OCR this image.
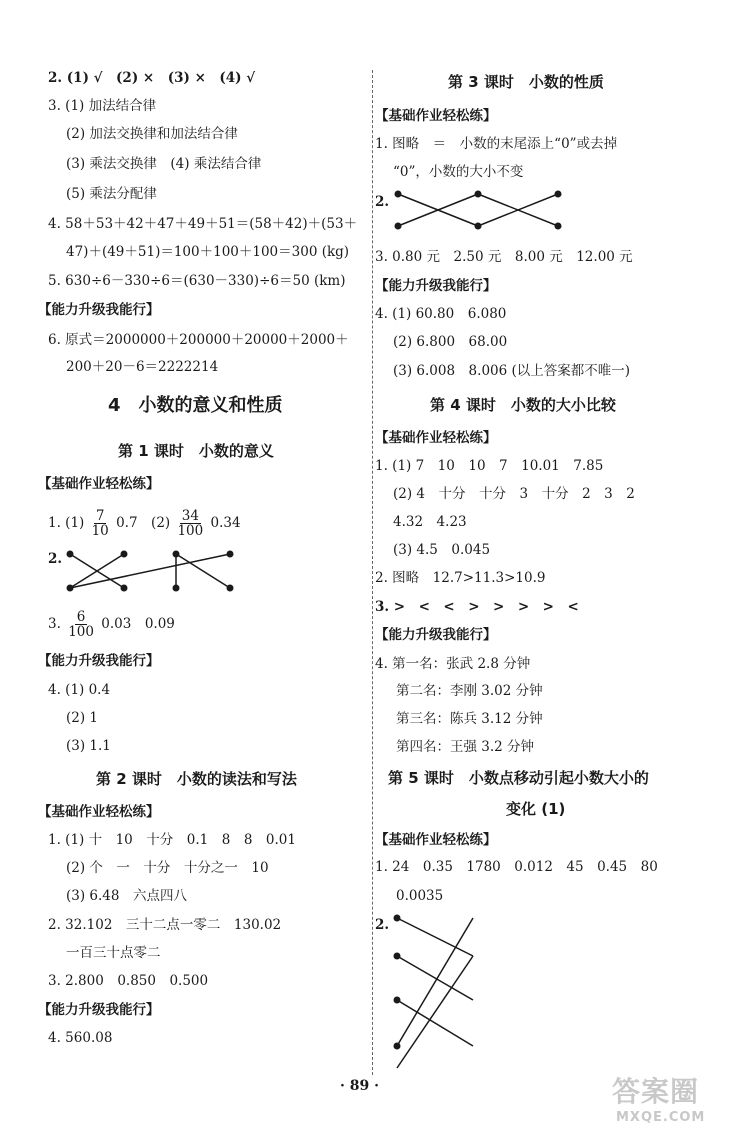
2. (1) √　(2) ×　(3) ×　(4) √
3. (1) 加法结合律
(2) 加法交换律和加法结合律
(3) 乘法交换律　(4) 乘法结合律
(5) 乘法分配律
4. 58＋53＋42＋47＋49＋51＝(58＋42)＋(53＋
47)＋(49＋51)＝100＋100＋100＝300 (kg)
5. 630÷6－330÷6＝(630－330)÷6＝50 (km)
【能力升级我能行】
6. 原式＝2000000＋200000＋20000＋2000＋
200＋20－6＝2222214
4　小数的意义和性质
第 1 课时　小数的意义
【基础作业轻松练】
1. $(1) \frac{7}{10} 0.7$　$(2) \frac{34}{100} 0.34$
2.
3. $\frac{6}{100} 0.03$　0.09
【能力升级我能行】
4. (1) 0.4
(2) 1
(3) 1.1
第 2 课时　小数的读法和写法
【基础作业轻松练】
1. (1) 十　10　十分　0.1　8　8　0.01
(2) 个　一　十分　十分之一　10
(3) 6.48　六点四八
2. 32.102　三十二点一零二　130.02
一百三十点零二
3. 2.800　0.850　0.500
【能力升级我能行】
4. 560.08
第 3 课时　小数的性质
【基础作业轻松练】
1. 图略　＝　小数的末尾添上“0”或去掉
“0”，小数的大小不变
2.
3. 0.80 元　2.50 元　8.00 元　12.00 元
【能力升级我能行】
4. (1) 60.80　6.080
(2) 6.800　68.00
(3) 6.008　8.006 (以上答案都不唯一)
第 4 课时　小数的大小比较
【基础作业轻松练】
1. (1) 7　10　10　7　10.01　7.85
(2) 4　十分　十分　3　十分　2　3　2
4.32　4.23
(3) 4.5　0.045
2. 图略　12.7>11.3>10.9
3. >　<　<　>　>　>　>　<
【能力升级我能行】
4. 第一名：张武 2.8 分钟
第二名：李刚 3.02 分钟
第三名：陈兵 3.12 分钟
第四名：王强 3.2 分钟
第 5 课时　小数点移动引起小数大小的
变化 (1)
【基础作业轻松练】
1. 24　0.35　1780　0.012　45　0.45　80
0.0035
2.
· 89 ·	答案圈
MXQE.COM
